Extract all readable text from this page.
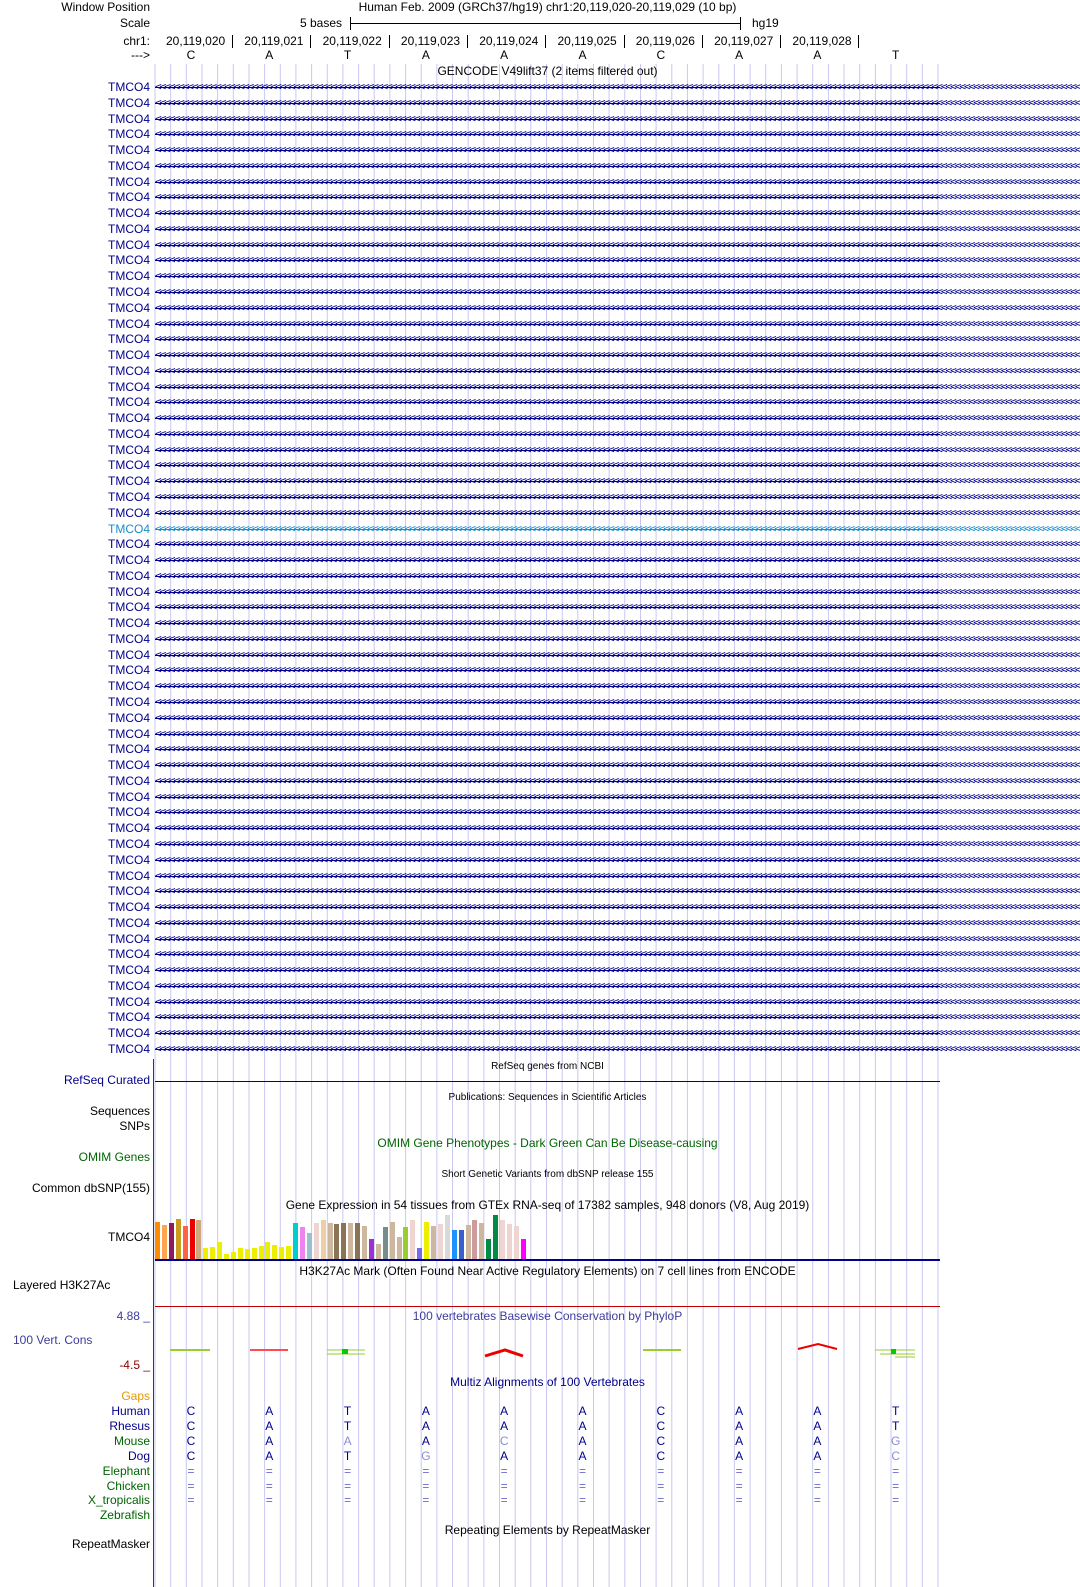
Window Position	Human Feb. 2009 (GRCh37/hg19) chr1:20,119,020-20,119,029 (10 bp)
Scale	5 bases	hg19
chr1: 20,119,020 20,119,021 20,119,022 20,119,023 20,119,024 20,119,025 20,119,026 20,119,027 20,119,028
--->	C	A	T	A	A	A	C	A	A	T
GENCODE V49lift37 (2 items filtered out)
TMCO4 <<<<<<<<<<<<<<<<<<<<<<<<<<<<<<<<<<<<<<<<<<<<<<<<<<<<<<<<<<<<<<<<<<<<<<<<<<<<<<<<<<<<<<<<<<<<<<<<<<<<<<<<<<<<<<<<<<<<<<<<<<<<<<<<<<<<<<<<<<<<<<<<<<<<<<<<<<<<<<<<<<<<<<<<<<<<<<<<<<<<<<<<<<<<<<<<<<<<<<<<
TMCO4 <<<<<<<<<<<<<<<<<<<<<<<<<<<<<<<<<<<<<<<<<<<<<<<<<<<<<<<<<<<<<<<<<<<<<<<<<<<<<<<<<<<<<<<<<<<<<<<<<<<<<<<<<<<<<<<<<<<<<<<<<<<<<<<<<<<<<<<<<<<<<<<<<<<<<<<<<<<<<<<<<<<<<<<<<<<<<<<<<<<<<<<<<<<<<<<<<<<<<<<<
TMCO4 <<<<<<<<<<<<<<<<<<<<<<<<<<<<<<<<<<<<<<<<<<<<<<<<<<<<<<<<<<<<<<<<<<<<<<<<<<<<<<<<<<<<<<<<<<<<<<<<<<<<<<<<<<<<<<<<<<<<<<<<<<<<<<<<<<<<<<<<<<<<<<<<<<<<<<<<<<<<<<<<<<<<<<<<<<<<<<<<<<<<<<<<<<<<<<<<<<<<<<<<
TMCO4 <<<<<<<<<<<<<<<<<<<<<<<<<<<<<<<<<<<<<<<<<<<<<<<<<<<<<<<<<<<<<<<<<<<<<<<<<<<<<<<<<<<<<<<<<<<<<<<<<<<<<<<<<<<<<<<<<<<<<<<<<<<<<<<<<<<<<<<<<<<<<<<<<<<<<<<<<<<<<<<<<<<<<<<<<<<<<<<<<<<<<<<<<<<<<<<<<<<<<<<<
TMCO4 <<<<<<<<<<<<<<<<<<<<<<<<<<<<<<<<<<<<<<<<<<<<<<<<<<<<<<<<<<<<<<<<<<<<<<<<<<<<<<<<<<<<<<<<<<<<<<<<<<<<<<<<<<<<<<<<<<<<<<<<<<<<<<<<<<<<<<<<<<<<<<<<<<<<<<<<<<<<<<<<<<<<<<<<<<<<<<<<<<<<<<<<<<<<<<<<<<<<<<<<
TMCO4 <<<<<<<<<<<<<<<<<<<<<<<<<<<<<<<<<<<<<<<<<<<<<<<<<<<<<<<<<<<<<<<<<<<<<<<<<<<<<<<<<<<<<<<<<<<<<<<<<<<<<<<<<<<<<<<<<<<<<<<<<<<<<<<<<<<<<<<<<<<<<<<<<<<<<<<<<<<<<<<<<<<<<<<<<<<<<<<<<<<<<<<<<<<<<<<<<<<<<<<<
TMCO4 <<<<<<<<<<<<<<<<<<<<<<<<<<<<<<<<<<<<<<<<<<<<<<<<<<<<<<<<<<<<<<<<<<<<<<<<<<<<<<<<<<<<<<<<<<<<<<<<<<<<<<<<<<<<<<<<<<<<<<<<<<<<<<<<<<<<<<<<<<<<<<<<<<<<<<<<<<<<<<<<<<<<<<<<<<<<<<<<<<<<<<<<<<<<<<<<<<<<<<<<
TMCO4 <<<<<<<<<<<<<<<<<<<<<<<<<<<<<<<<<<<<<<<<<<<<<<<<<<<<<<<<<<<<<<<<<<<<<<<<<<<<<<<<<<<<<<<<<<<<<<<<<<<<<<<<<<<<<<<<<<<<<<<<<<<<<<<<<<<<<<<<<<<<<<<<<<<<<<<<<<<<<<<<<<<<<<<<<<<<<<<<<<<<<<<<<<<<<<<<<<<<<<<<
TMCO4 <<<<<<<<<<<<<<<<<<<<<<<<<<<<<<<<<<<<<<<<<<<<<<<<<<<<<<<<<<<<<<<<<<<<<<<<<<<<<<<<<<<<<<<<<<<<<<<<<<<<<<<<<<<<<<<<<<<<<<<<<<<<<<<<<<<<<<<<<<<<<<<<<<<<<<<<<<<<<<<<<<<<<<<<<<<<<<<<<<<<<<<<<<<<<<<<<<<<<<<<
TMCO4 <<<<<<<<<<<<<<<<<<<<<<<<<<<<<<<<<<<<<<<<<<<<<<<<<<<<<<<<<<<<<<<<<<<<<<<<<<<<<<<<<<<<<<<<<<<<<<<<<<<<<<<<<<<<<<<<<<<<<<<<<<<<<<<<<<<<<<<<<<<<<<<<<<<<<<<<<<<<<<<<<<<<<<<<<<<<<<<<<<<<<<<<<<<<<<<<<<<<<<<<
TMCO4 <<<<<<<<<<<<<<<<<<<<<<<<<<<<<<<<<<<<<<<<<<<<<<<<<<<<<<<<<<<<<<<<<<<<<<<<<<<<<<<<<<<<<<<<<<<<<<<<<<<<<<<<<<<<<<<<<<<<<<<<<<<<<<<<<<<<<<<<<<<<<<<<<<<<<<<<<<<<<<<<<<<<<<<<<<<<<<<<<<<<<<<<<<<<<<<<<<<<<<<<
TMCO4 <<<<<<<<<<<<<<<<<<<<<<<<<<<<<<<<<<<<<<<<<<<<<<<<<<<<<<<<<<<<<<<<<<<<<<<<<<<<<<<<<<<<<<<<<<<<<<<<<<<<<<<<<<<<<<<<<<<<<<<<<<<<<<<<<<<<<<<<<<<<<<<<<<<<<<<<<<<<<<<<<<<<<<<<<<<<<<<<<<<<<<<<<<<<<<<<<<<<<<<<
TMCO4 <<<<<<<<<<<<<<<<<<<<<<<<<<<<<<<<<<<<<<<<<<<<<<<<<<<<<<<<<<<<<<<<<<<<<<<<<<<<<<<<<<<<<<<<<<<<<<<<<<<<<<<<<<<<<<<<<<<<<<<<<<<<<<<<<<<<<<<<<<<<<<<<<<<<<<<<<<<<<<<<<<<<<<<<<<<<<<<<<<<<<<<<<<<<<<<<<<<<<<<<
TMCO4 <<<<<<<<<<<<<<<<<<<<<<<<<<<<<<<<<<<<<<<<<<<<<<<<<<<<<<<<<<<<<<<<<<<<<<<<<<<<<<<<<<<<<<<<<<<<<<<<<<<<<<<<<<<<<<<<<<<<<<<<<<<<<<<<<<<<<<<<<<<<<<<<<<<<<<<<<<<<<<<<<<<<<<<<<<<<<<<<<<<<<<<<<<<<<<<<<<<<<<<<
TMCO4 <<<<<<<<<<<<<<<<<<<<<<<<<<<<<<<<<<<<<<<<<<<<<<<<<<<<<<<<<<<<<<<<<<<<<<<<<<<<<<<<<<<<<<<<<<<<<<<<<<<<<<<<<<<<<<<<<<<<<<<<<<<<<<<<<<<<<<<<<<<<<<<<<<<<<<<<<<<<<<<<<<<<<<<<<<<<<<<<<<<<<<<<<<<<<<<<<<<<<<<<
TMCO4 <<<<<<<<<<<<<<<<<<<<<<<<<<<<<<<<<<<<<<<<<<<<<<<<<<<<<<<<<<<<<<<<<<<<<<<<<<<<<<<<<<<<<<<<<<<<<<<<<<<<<<<<<<<<<<<<<<<<<<<<<<<<<<<<<<<<<<<<<<<<<<<<<<<<<<<<<<<<<<<<<<<<<<<<<<<<<<<<<<<<<<<<<<<<<<<<<<<<<<<<
TMCO4 <<<<<<<<<<<<<<<<<<<<<<<<<<<<<<<<<<<<<<<<<<<<<<<<<<<<<<<<<<<<<<<<<<<<<<<<<<<<<<<<<<<<<<<<<<<<<<<<<<<<<<<<<<<<<<<<<<<<<<<<<<<<<<<<<<<<<<<<<<<<<<<<<<<<<<<<<<<<<<<<<<<<<<<<<<<<<<<<<<<<<<<<<<<<<<<<<<<<<<<<
TMCO4 <<<<<<<<<<<<<<<<<<<<<<<<<<<<<<<<<<<<<<<<<<<<<<<<<<<<<<<<<<<<<<<<<<<<<<<<<<<<<<<<<<<<<<<<<<<<<<<<<<<<<<<<<<<<<<<<<<<<<<<<<<<<<<<<<<<<<<<<<<<<<<<<<<<<<<<<<<<<<<<<<<<<<<<<<<<<<<<<<<<<<<<<<<<<<<<<<<<<<<<<
TMCO4 <<<<<<<<<<<<<<<<<<<<<<<<<<<<<<<<<<<<<<<<<<<<<<<<<<<<<<<<<<<<<<<<<<<<<<<<<<<<<<<<<<<<<<<<<<<<<<<<<<<<<<<<<<<<<<<<<<<<<<<<<<<<<<<<<<<<<<<<<<<<<<<<<<<<<<<<<<<<<<<<<<<<<<<<<<<<<<<<<<<<<<<<<<<<<<<<<<<<<<<<
TMCO4 <<<<<<<<<<<<<<<<<<<<<<<<<<<<<<<<<<<<<<<<<<<<<<<<<<<<<<<<<<<<<<<<<<<<<<<<<<<<<<<<<<<<<<<<<<<<<<<<<<<<<<<<<<<<<<<<<<<<<<<<<<<<<<<<<<<<<<<<<<<<<<<<<<<<<<<<<<<<<<<<<<<<<<<<<<<<<<<<<<<<<<<<<<<<<<<<<<<<<<<<
TMCO4 <<<<<<<<<<<<<<<<<<<<<<<<<<<<<<<<<<<<<<<<<<<<<<<<<<<<<<<<<<<<<<<<<<<<<<<<<<<<<<<<<<<<<<<<<<<<<<<<<<<<<<<<<<<<<<<<<<<<<<<<<<<<<<<<<<<<<<<<<<<<<<<<<<<<<<<<<<<<<<<<<<<<<<<<<<<<<<<<<<<<<<<<<<<<<<<<<<<<<<<<
TMCO4 <<<<<<<<<<<<<<<<<<<<<<<<<<<<<<<<<<<<<<<<<<<<<<<<<<<<<<<<<<<<<<<<<<<<<<<<<<<<<<<<<<<<<<<<<<<<<<<<<<<<<<<<<<<<<<<<<<<<<<<<<<<<<<<<<<<<<<<<<<<<<<<<<<<<<<<<<<<<<<<<<<<<<<<<<<<<<<<<<<<<<<<<<<<<<<<<<<<<<<<<
TMCO4 <<<<<<<<<<<<<<<<<<<<<<<<<<<<<<<<<<<<<<<<<<<<<<<<<<<<<<<<<<<<<<<<<<<<<<<<<<<<<<<<<<<<<<<<<<<<<<<<<<<<<<<<<<<<<<<<<<<<<<<<<<<<<<<<<<<<<<<<<<<<<<<<<<<<<<<<<<<<<<<<<<<<<<<<<<<<<<<<<<<<<<<<<<<<<<<<<<<<<<<<
TMCO4 <<<<<<<<<<<<<<<<<<<<<<<<<<<<<<<<<<<<<<<<<<<<<<<<<<<<<<<<<<<<<<<<<<<<<<<<<<<<<<<<<<<<<<<<<<<<<<<<<<<<<<<<<<<<<<<<<<<<<<<<<<<<<<<<<<<<<<<<<<<<<<<<<<<<<<<<<<<<<<<<<<<<<<<<<<<<<<<<<<<<<<<<<<<<<<<<<<<<<<<<
TMCO4 <<<<<<<<<<<<<<<<<<<<<<<<<<<<<<<<<<<<<<<<<<<<<<<<<<<<<<<<<<<<<<<<<<<<<<<<<<<<<<<<<<<<<<<<<<<<<<<<<<<<<<<<<<<<<<<<<<<<<<<<<<<<<<<<<<<<<<<<<<<<<<<<<<<<<<<<<<<<<<<<<<<<<<<<<<<<<<<<<<<<<<<<<<<<<<<<<<<<<<<<
TMCO4 <<<<<<<<<<<<<<<<<<<<<<<<<<<<<<<<<<<<<<<<<<<<<<<<<<<<<<<<<<<<<<<<<<<<<<<<<<<<<<<<<<<<<<<<<<<<<<<<<<<<<<<<<<<<<<<<<<<<<<<<<<<<<<<<<<<<<<<<<<<<<<<<<<<<<<<<<<<<<<<<<<<<<<<<<<<<<<<<<<<<<<<<<<<<<<<<<<<<<<<<
TMCO4 <<<<<<<<<<<<<<<<<<<<<<<<<<<<<<<<<<<<<<<<<<<<<<<<<<<<<<<<<<<<<<<<<<<<<<<<<<<<<<<<<<<<<<<<<<<<<<<<<<<<<<<<<<<<<<<<<<<<<<<<<<<<<<<<<<<<<<<<<<<<<<<<<<<<<<<<<<<<<<<<<<<<<<<<<<<<<<<<<<<<<<<<<<<<<<<<<<<<<<<<
TMCO4 <<<<<<<<<<<<<<<<<<<<<<<<<<<<<<<<<<<<<<<<<<<<<<<<<<<<<<<<<<<<<<<<<<<<<<<<<<<<<<<<<<<<<<<<<<<<<<<<<<<<<<<<<<<<<<<<<<<<<<<<<<<<<<<<<<<<<<<<<<<<<<<<<<<<<<<<<<<<<<<<<<<<<<<<<<<<<<<<<<<<<<<<<<<<<<<<<<<<<<<<
TMCO4 <<<<<<<<<<<<<<<<<<<<<<<<<<<<<<<<<<<<<<<<<<<<<<<<<<<<<<<<<<<<<<<<<<<<<<<<<<<<<<<<<<<<<<<<<<<<<<<<<<<<<<<<<<<<<<<<<<<<<<<<<<<<<<<<<<<<<<<<<<<<<<<<<<<<<<<<<<<<<<<<<<<<<<<<<<<<<<<<<<<<<<<<<<<<<<<<<<<<<<<<
TMCO4 <<<<<<<<<<<<<<<<<<<<<<<<<<<<<<<<<<<<<<<<<<<<<<<<<<<<<<<<<<<<<<<<<<<<<<<<<<<<<<<<<<<<<<<<<<<<<<<<<<<<<<<<<<<<<<<<<<<<<<<<<<<<<<<<<<<<<<<<<<<<<<<<<<<<<<<<<<<<<<<<<<<<<<<<<<<<<<<<<<<<<<<<<<<<<<<<<<<<<<<<
TMCO4 <<<<<<<<<<<<<<<<<<<<<<<<<<<<<<<<<<<<<<<<<<<<<<<<<<<<<<<<<<<<<<<<<<<<<<<<<<<<<<<<<<<<<<<<<<<<<<<<<<<<<<<<<<<<<<<<<<<<<<<<<<<<<<<<<<<<<<<<<<<<<<<<<<<<<<<<<<<<<<<<<<<<<<<<<<<<<<<<<<<<<<<<<<<<<<<<<<<<<<<<
TMCO4 <<<<<<<<<<<<<<<<<<<<<<<<<<<<<<<<<<<<<<<<<<<<<<<<<<<<<<<<<<<<<<<<<<<<<<<<<<<<<<<<<<<<<<<<<<<<<<<<<<<<<<<<<<<<<<<<<<<<<<<<<<<<<<<<<<<<<<<<<<<<<<<<<<<<<<<<<<<<<<<<<<<<<<<<<<<<<<<<<<<<<<<<<<<<<<<<<<<<<<<<
TMCO4 <<<<<<<<<<<<<<<<<<<<<<<<<<<<<<<<<<<<<<<<<<<<<<<<<<<<<<<<<<<<<<<<<<<<<<<<<<<<<<<<<<<<<<<<<<<<<<<<<<<<<<<<<<<<<<<<<<<<<<<<<<<<<<<<<<<<<<<<<<<<<<<<<<<<<<<<<<<<<<<<<<<<<<<<<<<<<<<<<<<<<<<<<<<<<<<<<<<<<<<<
TMCO4 <<<<<<<<<<<<<<<<<<<<<<<<<<<<<<<<<<<<<<<<<<<<<<<<<<<<<<<<<<<<<<<<<<<<<<<<<<<<<<<<<<<<<<<<<<<<<<<<<<<<<<<<<<<<<<<<<<<<<<<<<<<<<<<<<<<<<<<<<<<<<<<<<<<<<<<<<<<<<<<<<<<<<<<<<<<<<<<<<<<<<<<<<<<<<<<<<<<<<<<<
TMCO4 <<<<<<<<<<<<<<<<<<<<<<<<<<<<<<<<<<<<<<<<<<<<<<<<<<<<<<<<<<<<<<<<<<<<<<<<<<<<<<<<<<<<<<<<<<<<<<<<<<<<<<<<<<<<<<<<<<<<<<<<<<<<<<<<<<<<<<<<<<<<<<<<<<<<<<<<<<<<<<<<<<<<<<<<<<<<<<<<<<<<<<<<<<<<<<<<<<<<<<<<
TMCO4 <<<<<<<<<<<<<<<<<<<<<<<<<<<<<<<<<<<<<<<<<<<<<<<<<<<<<<<<<<<<<<<<<<<<<<<<<<<<<<<<<<<<<<<<<<<<<<<<<<<<<<<<<<<<<<<<<<<<<<<<<<<<<<<<<<<<<<<<<<<<<<<<<<<<<<<<<<<<<<<<<<<<<<<<<<<<<<<<<<<<<<<<<<<<<<<<<<<<<<<<
TMCO4 <<<<<<<<<<<<<<<<<<<<<<<<<<<<<<<<<<<<<<<<<<<<<<<<<<<<<<<<<<<<<<<<<<<<<<<<<<<<<<<<<<<<<<<<<<<<<<<<<<<<<<<<<<<<<<<<<<<<<<<<<<<<<<<<<<<<<<<<<<<<<<<<<<<<<<<<<<<<<<<<<<<<<<<<<<<<<<<<<<<<<<<<<<<<<<<<<<<<<<<<
TMCO4 <<<<<<<<<<<<<<<<<<<<<<<<<<<<<<<<<<<<<<<<<<<<<<<<<<<<<<<<<<<<<<<<<<<<<<<<<<<<<<<<<<<<<<<<<<<<<<<<<<<<<<<<<<<<<<<<<<<<<<<<<<<<<<<<<<<<<<<<<<<<<<<<<<<<<<<<<<<<<<<<<<<<<<<<<<<<<<<<<<<<<<<<<<<<<<<<<<<<<<<<
TMCO4 <<<<<<<<<<<<<<<<<<<<<<<<<<<<<<<<<<<<<<<<<<<<<<<<<<<<<<<<<<<<<<<<<<<<<<<<<<<<<<<<<<<<<<<<<<<<<<<<<<<<<<<<<<<<<<<<<<<<<<<<<<<<<<<<<<<<<<<<<<<<<<<<<<<<<<<<<<<<<<<<<<<<<<<<<<<<<<<<<<<<<<<<<<<<<<<<<<<<<<<<
TMCO4 <<<<<<<<<<<<<<<<<<<<<<<<<<<<<<<<<<<<<<<<<<<<<<<<<<<<<<<<<<<<<<<<<<<<<<<<<<<<<<<<<<<<<<<<<<<<<<<<<<<<<<<<<<<<<<<<<<<<<<<<<<<<<<<<<<<<<<<<<<<<<<<<<<<<<<<<<<<<<<<<<<<<<<<<<<<<<<<<<<<<<<<<<<<<<<<<<<<<<<<<
TMCO4 <<<<<<<<<<<<<<<<<<<<<<<<<<<<<<<<<<<<<<<<<<<<<<<<<<<<<<<<<<<<<<<<<<<<<<<<<<<<<<<<<<<<<<<<<<<<<<<<<<<<<<<<<<<<<<<<<<<<<<<<<<<<<<<<<<<<<<<<<<<<<<<<<<<<<<<<<<<<<<<<<<<<<<<<<<<<<<<<<<<<<<<<<<<<<<<<<<<<<<<<
TMCO4 <<<<<<<<<<<<<<<<<<<<<<<<<<<<<<<<<<<<<<<<<<<<<<<<<<<<<<<<<<<<<<<<<<<<<<<<<<<<<<<<<<<<<<<<<<<<<<<<<<<<<<<<<<<<<<<<<<<<<<<<<<<<<<<<<<<<<<<<<<<<<<<<<<<<<<<<<<<<<<<<<<<<<<<<<<<<<<<<<<<<<<<<<<<<<<<<<<<<<<<<
TMCO4 <<<<<<<<<<<<<<<<<<<<<<<<<<<<<<<<<<<<<<<<<<<<<<<<<<<<<<<<<<<<<<<<<<<<<<<<<<<<<<<<<<<<<<<<<<<<<<<<<<<<<<<<<<<<<<<<<<<<<<<<<<<<<<<<<<<<<<<<<<<<<<<<<<<<<<<<<<<<<<<<<<<<<<<<<<<<<<<<<<<<<<<<<<<<<<<<<<<<<<<<
TMCO4 <<<<<<<<<<<<<<<<<<<<<<<<<<<<<<<<<<<<<<<<<<<<<<<<<<<<<<<<<<<<<<<<<<<<<<<<<<<<<<<<<<<<<<<<<<<<<<<<<<<<<<<<<<<<<<<<<<<<<<<<<<<<<<<<<<<<<<<<<<<<<<<<<<<<<<<<<<<<<<<<<<<<<<<<<<<<<<<<<<<<<<<<<<<<<<<<<<<<<<<<
TMCO4 <<<<<<<<<<<<<<<<<<<<<<<<<<<<<<<<<<<<<<<<<<<<<<<<<<<<<<<<<<<<<<<<<<<<<<<<<<<<<<<<<<<<<<<<<<<<<<<<<<<<<<<<<<<<<<<<<<<<<<<<<<<<<<<<<<<<<<<<<<<<<<<<<<<<<<<<<<<<<<<<<<<<<<<<<<<<<<<<<<<<<<<<<<<<<<<<<<<<<<<<
TMCO4 <<<<<<<<<<<<<<<<<<<<<<<<<<<<<<<<<<<<<<<<<<<<<<<<<<<<<<<<<<<<<<<<<<<<<<<<<<<<<<<<<<<<<<<<<<<<<<<<<<<<<<<<<<<<<<<<<<<<<<<<<<<<<<<<<<<<<<<<<<<<<<<<<<<<<<<<<<<<<<<<<<<<<<<<<<<<<<<<<<<<<<<<<<<<<<<<<<<<<<<<
TMCO4 <<<<<<<<<<<<<<<<<<<<<<<<<<<<<<<<<<<<<<<<<<<<<<<<<<<<<<<<<<<<<<<<<<<<<<<<<<<<<<<<<<<<<<<<<<<<<<<<<<<<<<<<<<<<<<<<<<<<<<<<<<<<<<<<<<<<<<<<<<<<<<<<<<<<<<<<<<<<<<<<<<<<<<<<<<<<<<<<<<<<<<<<<<<<<<<<<<<<<<<<
TMCO4 <<<<<<<<<<<<<<<<<<<<<<<<<<<<<<<<<<<<<<<<<<<<<<<<<<<<<<<<<<<<<<<<<<<<<<<<<<<<<<<<<<<<<<<<<<<<<<<<<<<<<<<<<<<<<<<<<<<<<<<<<<<<<<<<<<<<<<<<<<<<<<<<<<<<<<<<<<<<<<<<<<<<<<<<<<<<<<<<<<<<<<<<<<<<<<<<<<<<<<<<
TMCO4 <<<<<<<<<<<<<<<<<<<<<<<<<<<<<<<<<<<<<<<<<<<<<<<<<<<<<<<<<<<<<<<<<<<<<<<<<<<<<<<<<<<<<<<<<<<<<<<<<<<<<<<<<<<<<<<<<<<<<<<<<<<<<<<<<<<<<<<<<<<<<<<<<<<<<<<<<<<<<<<<<<<<<<<<<<<<<<<<<<<<<<<<<<<<<<<<<<<<<<<<
TMCO4 <<<<<<<<<<<<<<<<<<<<<<<<<<<<<<<<<<<<<<<<<<<<<<<<<<<<<<<<<<<<<<<<<<<<<<<<<<<<<<<<<<<<<<<<<<<<<<<<<<<<<<<<<<<<<<<<<<<<<<<<<<<<<<<<<<<<<<<<<<<<<<<<<<<<<<<<<<<<<<<<<<<<<<<<<<<<<<<<<<<<<<<<<<<<<<<<<<<<<<<<
TMCO4 <<<<<<<<<<<<<<<<<<<<<<<<<<<<<<<<<<<<<<<<<<<<<<<<<<<<<<<<<<<<<<<<<<<<<<<<<<<<<<<<<<<<<<<<<<<<<<<<<<<<<<<<<<<<<<<<<<<<<<<<<<<<<<<<<<<<<<<<<<<<<<<<<<<<<<<<<<<<<<<<<<<<<<<<<<<<<<<<<<<<<<<<<<<<<<<<<<<<<<<<
TMCO4 <<<<<<<<<<<<<<<<<<<<<<<<<<<<<<<<<<<<<<<<<<<<<<<<<<<<<<<<<<<<<<<<<<<<<<<<<<<<<<<<<<<<<<<<<<<<<<<<<<<<<<<<<<<<<<<<<<<<<<<<<<<<<<<<<<<<<<<<<<<<<<<<<<<<<<<<<<<<<<<<<<<<<<<<<<<<<<<<<<<<<<<<<<<<<<<<<<<<<<<<
TMCO4 <<<<<<<<<<<<<<<<<<<<<<<<<<<<<<<<<<<<<<<<<<<<<<<<<<<<<<<<<<<<<<<<<<<<<<<<<<<<<<<<<<<<<<<<<<<<<<<<<<<<<<<<<<<<<<<<<<<<<<<<<<<<<<<<<<<<<<<<<<<<<<<<<<<<<<<<<<<<<<<<<<<<<<<<<<<<<<<<<<<<<<<<<<<<<<<<<<<<<<<<
TMCO4 <<<<<<<<<<<<<<<<<<<<<<<<<<<<<<<<<<<<<<<<<<<<<<<<<<<<<<<<<<<<<<<<<<<<<<<<<<<<<<<<<<<<<<<<<<<<<<<<<<<<<<<<<<<<<<<<<<<<<<<<<<<<<<<<<<<<<<<<<<<<<<<<<<<<<<<<<<<<<<<<<<<<<<<<<<<<<<<<<<<<<<<<<<<<<<<<<<<<<<<<
TMCO4 <<<<<<<<<<<<<<<<<<<<<<<<<<<<<<<<<<<<<<<<<<<<<<<<<<<<<<<<<<<<<<<<<<<<<<<<<<<<<<<<<<<<<<<<<<<<<<<<<<<<<<<<<<<<<<<<<<<<<<<<<<<<<<<<<<<<<<<<<<<<<<<<<<<<<<<<<<<<<<<<<<<<<<<<<<<<<<<<<<<<<<<<<<<<<<<<<<<<<<<<
TMCO4 <<<<<<<<<<<<<<<<<<<<<<<<<<<<<<<<<<<<<<<<<<<<<<<<<<<<<<<<<<<<<<<<<<<<<<<<<<<<<<<<<<<<<<<<<<<<<<<<<<<<<<<<<<<<<<<<<<<<<<<<<<<<<<<<<<<<<<<<<<<<<<<<<<<<<<<<<<<<<<<<<<<<<<<<<<<<<<<<<<<<<<<<<<<<<<<<<<<<<<<<
TMCO4 <<<<<<<<<<<<<<<<<<<<<<<<<<<<<<<<<<<<<<<<<<<<<<<<<<<<<<<<<<<<<<<<<<<<<<<<<<<<<<<<<<<<<<<<<<<<<<<<<<<<<<<<<<<<<<<<<<<<<<<<<<<<<<<<<<<<<<<<<<<<<<<<<<<<<<<<<<<<<<<<<<<<<<<<<<<<<<<<<<<<<<<<<<<<<<<<<<<<<<<<
TMCO4 <<<<<<<<<<<<<<<<<<<<<<<<<<<<<<<<<<<<<<<<<<<<<<<<<<<<<<<<<<<<<<<<<<<<<<<<<<<<<<<<<<<<<<<<<<<<<<<<<<<<<<<<<<<<<<<<<<<<<<<<<<<<<<<<<<<<<<<<<<<<<<<<<<<<<<<<<<<<<<<<<<<<<<<<<<<<<<<<<<<<<<<<<<<<<<<<<<<<<<<<
TMCO4 <<<<<<<<<<<<<<<<<<<<<<<<<<<<<<<<<<<<<<<<<<<<<<<<<<<<<<<<<<<<<<<<<<<<<<<<<<<<<<<<<<<<<<<<<<<<<<<<<<<<<<<<<<<<<<<<<<<<<<<<<<<<<<<<<<<<<<<<<<<<<<<<<<<<<<<<<<<<<<<<<<<<<<<<<<<<<<<<<<<<<<<<<<<<<<<<<<<<<<<<
TMCO4 <<<<<<<<<<<<<<<<<<<<<<<<<<<<<<<<<<<<<<<<<<<<<<<<<<<<<<<<<<<<<<<<<<<<<<<<<<<<<<<<<<<<<<<<<<<<<<<<<<<<<<<<<<<<<<<<<<<<<<<<<<<<<<<<<<<<<<<<<<<<<<<<<<<<<<<<<<<<<<<<<<<<<<<<<<<<<<<<<<<<<<<<<<<<<<<<<<<<<<<<
TMCO4 <<<<<<<<<<<<<<<<<<<<<<<<<<<<<<<<<<<<<<<<<<<<<<<<<<<<<<<<<<<<<<<<<<<<<<<<<<<<<<<<<<<<<<<<<<<<<<<<<<<<<<<<<<<<<<<<<<<<<<<<<<<<<<<<<<<<<<<<<<<<<<<<<<<<<<<<<<<<<<<<<<<<<<<<<<<<<<<<<<<<<<<<<<<<<<<<<<<<<<<<
TMCO4 <<<<<<<<<<<<<<<<<<<<<<<<<<<<<<<<<<<<<<<<<<<<<<<<<<<<<<<<<<<<<<<<<<<<<<<<<<<<<<<<<<<<<<<<<<<<<<<<<<<<<<<<<<<<<<<<<<<<<<<<<<<<<<<<<<<<<<<<<<<<<<<<<<<<<<<<<<<<<<<<<<<<<<<<<<<<<<<<<<<<<<<<<<<<<<<<<<<<<<<<
RefSeq genes from NCBI
RefSeq Curated
Publications: Sequences in Scientific Articles
Sequences
SNPs
OMIM Gene Phenotypes - Dark Green Can Be Disease-causing
OMIM Genes
Short Genetic Variants from dbSNP release 155
Common dbSNP(155)
Gene Expression in 54 tissues from GTEx RNA-seq of 17382 samples, 948 donors (V8, Aug 2019)
TMCO4
H3K27Ac Mark (Often Found Near Active Regulatory Elements) on 7 cell lines from ENCODE
Layered H3K27Ac
100 vertebrates Basewise Conservation by PhyloP
4.88 _
100 Vert. Cons
-4.5 _
Multiz Alignments of 100 Vertebrates
Gaps
Human	C	A	T	A	A	A	C	A	A	T
Rhesus	C	A	T	A	A	A	C	A	A	T
Mouse	C	A	A	A	C	A	C	A	A	G
Dog	C	A	T	G	A	A	C	A	A	C
Elephant	=	=	=	=	=	=	=	=	=	=
Chicken	=	=	=	=	=	=	=	=	=	=
X_tropicalis	=	=	=	=	=	=	=	=	=	=
Zebrafish
Repeating Elements by RepeatMasker
RepeatMasker
